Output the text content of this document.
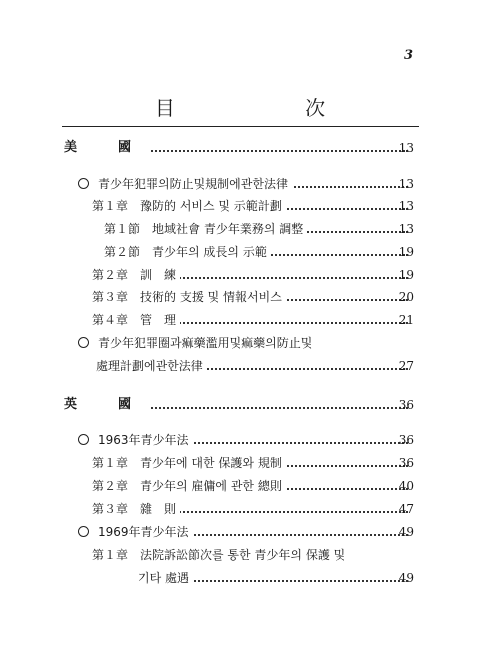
3
目 次
美　國	13
青少年犯罪의防止및規制에관한法律	13
第１章　豫防的 서비스 및 示範計劃	13
第１節　地域社會 青少年業務의 調整	13
第２節　青少年의 成長의 示範	19
第２章　訓　練	19
第３章　技術的 支援 및 情報서비스	20
第４章　管　理	21
青少年犯罪圈과痲藥濫用및痲藥의防止및
處理計劃에관한法律	27
英　國	36
1963年青少年法	36
第１章　青少年에 대한 保護와 規制	36
第２章　青少年의 雇傭에 관한 總則	40
第３章　雜　則	47
1969年青少年法	49
第１章　法院訴訟節次를 통한 青少年의 保護 및
기타 處遇	49
